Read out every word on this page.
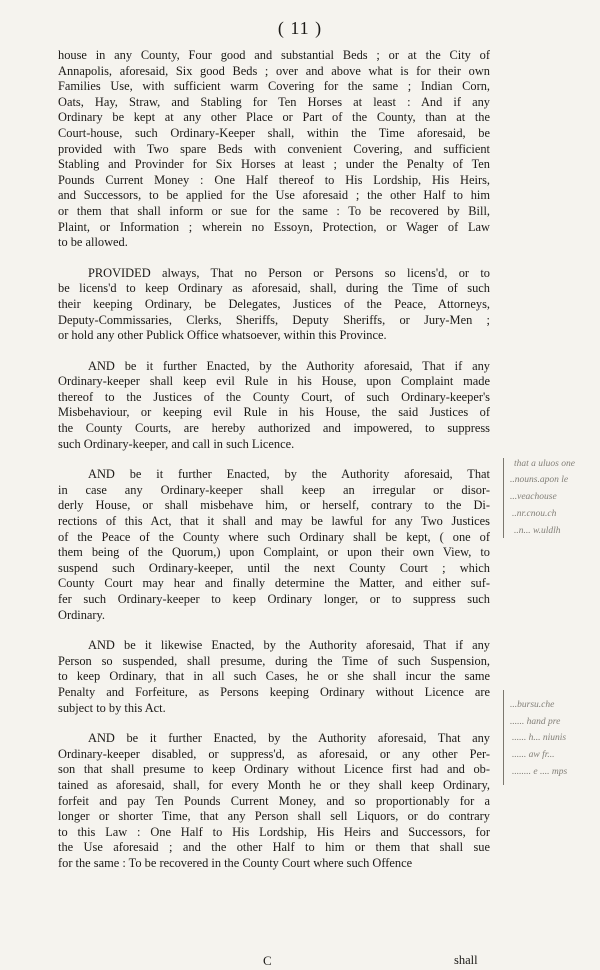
( 11 )

house in any County, Four good and substantial Beds ; or at the City of
Annapolis, aforesaid, Six good Beds ; over and above what is for their own
Families Use, with sufficient warm Covering for the same ; Indian Corn,
Oats, Hay, Straw, and Stabling for Ten Horses at least : And if any
Ordinary be kept at any other Place or Part of the County, than at the
Court-house, such Ordinary-Keeper shall, within the Time aforesaid, be
provided with Two spare Beds with convenient Covering, and sufficient
Stabling and Provinder for Six Horses at least ; under the Penalty of Ten
Pounds Current Money : One Half thereof to His Lordship, His Heirs,
and Successors, to be applied for the Use aforesaid ; the other Half to him
or them that shall inform or sue for the same : To be recovered by Bill,
Plaint, or Information ; wherein no Essoyn, Protection, or Wager of Law
to be allowed.

PROVIDED always, That no Person or Persons so licens'd, or to
be licens'd to keep Ordinary as aforesaid, shall, during the Time of such
their keeping Ordinary, be Delegates, Justices of the Peace, Attorneys,
Deputy-Commissaries, Clerks, Sheriffs, Deputy Sheriffs, or Jury-Men ;
or hold any other Publick Office whatsoever, within this Province.

AND be it further Enacted, by the Authority aforesaid, That if any
Ordinary-keeper shall keep evil Rule in his House, upon Complaint made
thereof to the Justices of the County Court, of such Ordinary-keeper's
Misbehaviour, or keeping evil Rule in his House, the said Justices of
the County Courts, are hereby authorized and impowered, to suppress
such Ordinary-keeper, and call in such Licence.

AND be it further Enacted, by the Authority aforesaid, That
in case any Ordinary-keeper shall keep an irregular or disor-
derly House, or shall misbehave him, or herself, contrary to the Di-
rections of this Act, that it shall and may be lawful for any Two Justices
of the Peace of the County where such Ordinary shall be kept, ( one of
them being of the Quorum,) upon Complaint, or upon their own View, to
suspend such Ordinary-keeper, until the next County Court ; which
County Court may hear and finally determine the Matter, and either suf-
fer such Ordinary-keeper to keep Ordinary longer, or to suppress such
Ordinary.

AND be it likewise Enacted, by the Authority aforesaid, That if any
Person so suspended, shall presume, during the Time of such Suspension,
to keep Ordinary, that in all such Cases, he or she shall incur the same
Penalty and Forfeiture, as Persons keeping Ordinary without Licence are
subject to by this Act.

AND be it further Enacted, by the Authority aforesaid, That any
Ordinary-keeper disabled, or suppress'd, as aforesaid, or any other Per-
son that shall presume to keep Ordinary without Licence first had and ob-
tained as aforesaid, shall, for every Month he or they shall keep Ordinary,
forfeit and pay Ten Pounds Current Money, and so proportionably for a
longer or shorter Time, that any Person shall sell Liquors, or do contrary
to this Law : One Half to His Lordship, His Heirs and Successors, for
the Use aforesaid ; and the other Half to him or them that shall sue
for the same : To be recovered in the County Court where such Offence

that a uluos one
..nouns.apon le
...veachouse
..nr.cnou.ch
..n... w.uldlh
...bursu.che
...... hand pre
...... h... niunis
...... aw fr...
........ e .... mps
C	shall
